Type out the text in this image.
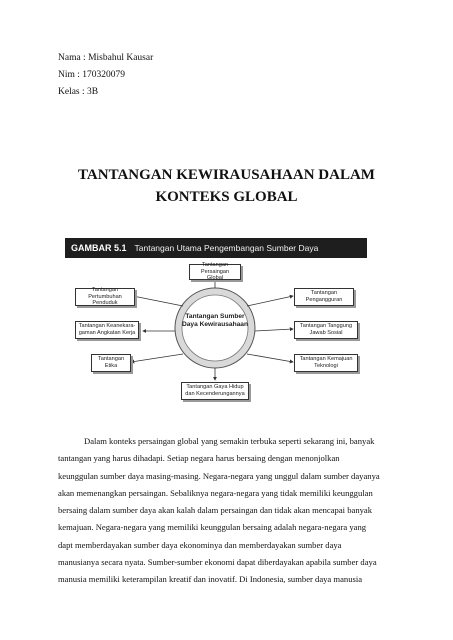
Nama : Misbahul Kausar
Nim : 170320079
Kelas : 3B
TANTANGAN KEWIRAUSAHAAN DALAM
KONTEKS GLOBAL
GAMBAR 5.1 Tantangan Utama Pengembangan Sumber Daya
Tantangan Sumber Daya Kewirausahaan
Tantangan Persaingan Global
Tantangan Pertumbuhan Penduduk
Tantangan Keanekara-gaman Angkatan Kerja
Tantangan Etika
Tantangan Pengangguran
Tantangan Tanggung Jawab Sosial
Tantangan Kemajuan Teknologi
Tantangan Gaya Hidup dan Kecenderungannya
Dalam konteks persaingan global yang semakin terbuka seperti sekarang ini, banyak
tantangan yang harus dihadapi. Setiap negara harus bersaing dengan menonjolkan
keunggulan sumber daya masing-masing. Negara-negara yang unggul dalam sumber dayanya
akan memenangkan persaingan. Sebaliknya negara-negara yang tidak memiliki keunggulan
bersaing dalam sumber daya akan kalah dalam persaingan dan tidak akan mencapai banyak
kemajuan. Negara-negara yang memiliki keunggulan bersaing adalah negara-negara yang
dapt memberdayakan sumber daya ekonominya dan memberdayakan sumber daya
manusianya secara nyata. Sumber-sumber ekonomi dapat diberdayakan apabila sumber daya
manusia memiliki keterampilan kreatif dan inovatif. Di Indonesia, sumber daya manusia
